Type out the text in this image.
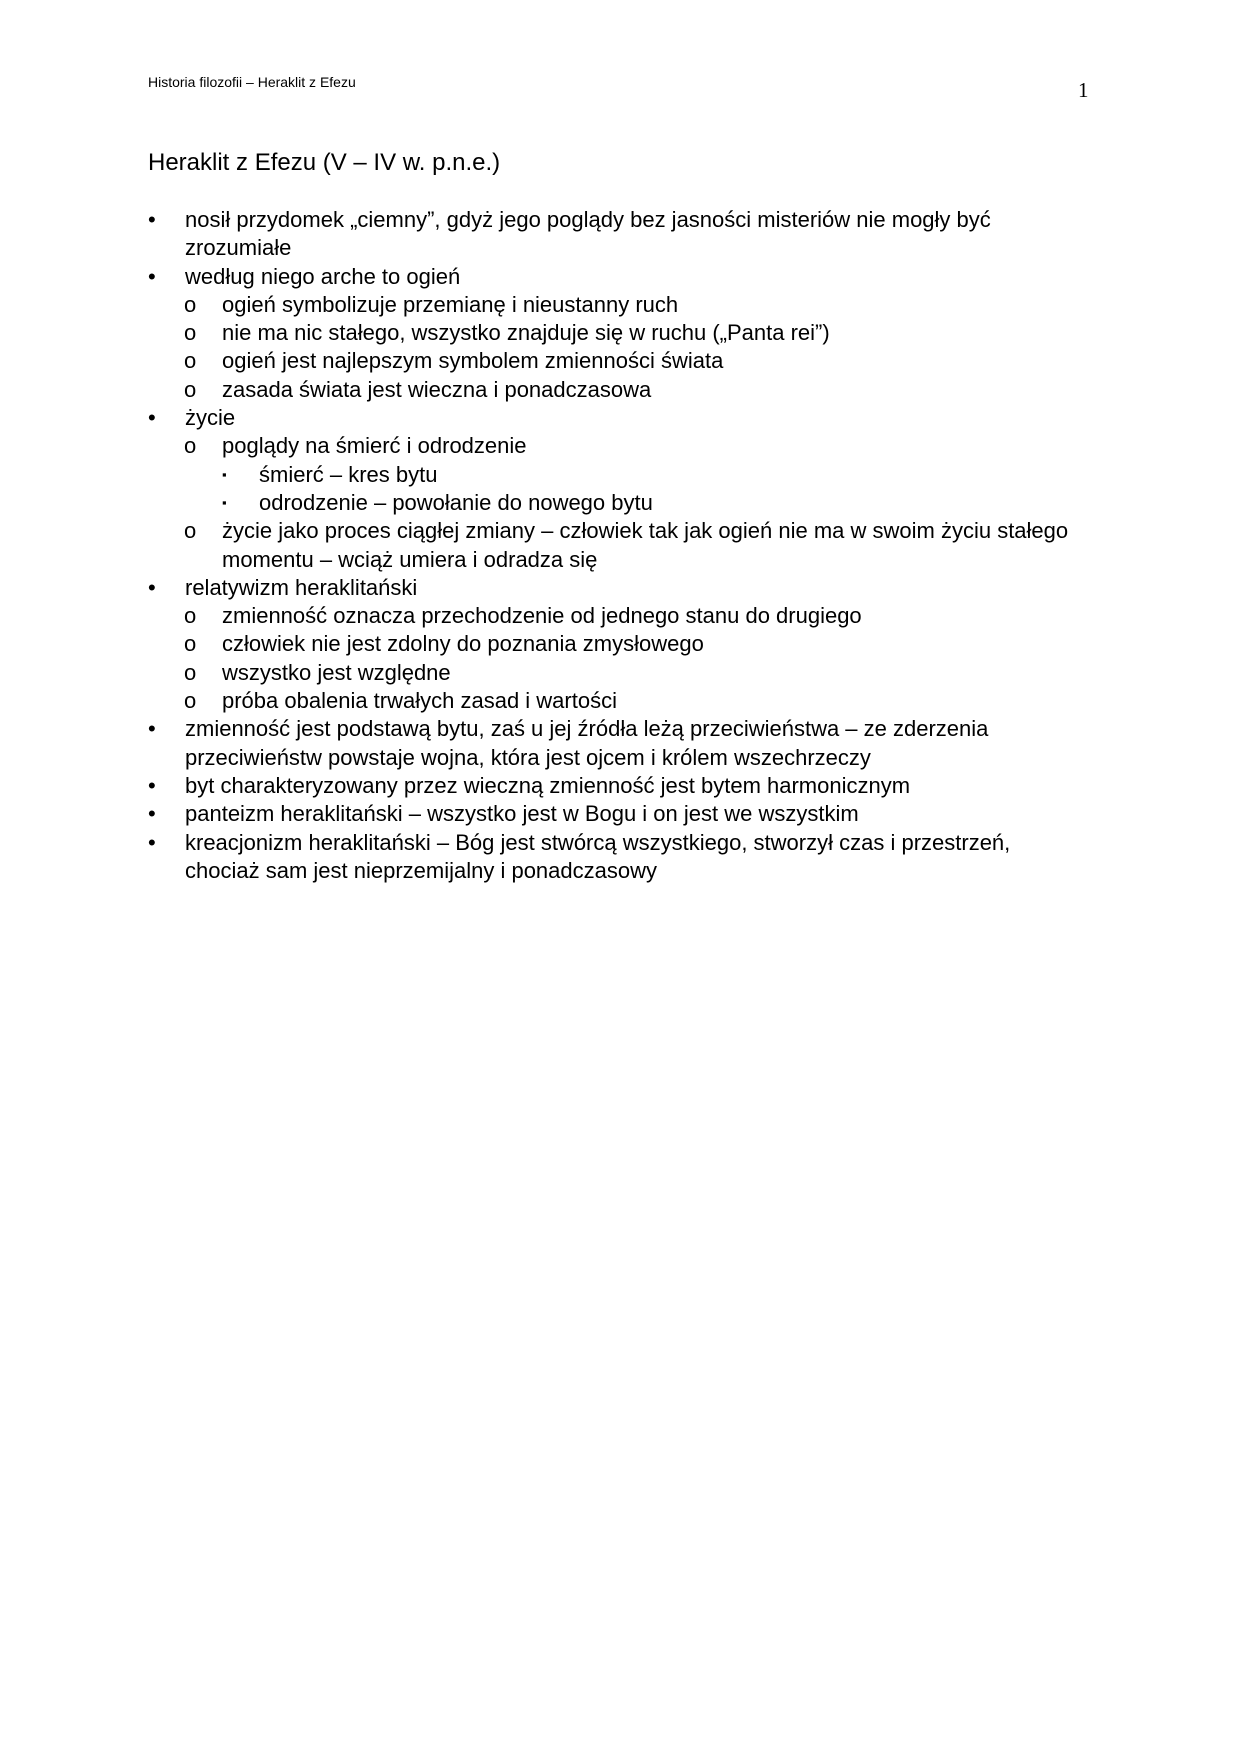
Historia filozofii – Heraklit z Efezu	1
Heraklit z Efezu (V – IV w. p.n.e.)
• nosił przydomek „ciemny”, gdyż jego poglądy bez jasności misteriów nie mogły być zrozumiałe
• według niego arche to ogień
o ogień symbolizuje przemianę i nieustanny ruch
o nie ma nic stałego, wszystko znajduje się w ruchu („Panta rei”)
o ogień jest najlepszym symbolem zmienności świata
o zasada świata jest wieczna i ponadczasowa
• życie
o poglądy na śmierć i odrodzenie
▪ śmierć – kres bytu
▪ odrodzenie – powołanie do nowego bytu
o życie jako proces ciągłej zmiany – człowiek tak jak ogień nie ma w swoim życiu stałego momentu – wciąż umiera i odradza się
• relatywizm heraklitański
o zmienność oznacza przechodzenie od jednego stanu do drugiego
o człowiek nie jest zdolny do poznania zmysłowego
o wszystko jest względne
o próba obalenia trwałych zasad i wartości
• zmienność jest podstawą bytu, zaś u jej źródła leżą przeciwieństwa – ze zderzenia przeciwieństw powstaje wojna, która jest ojcem i królem wszechrzeczy
• byt charakteryzowany przez wieczną zmienność jest bytem harmonicznym
• panteizm heraklitański – wszystko jest w Bogu i on jest we wszystkim
• kreacjonizm heraklitański – Bóg jest stwórcą wszystkiego, stworzył czas i przestrzeń, chociaż sam jest nieprzemijalny i ponadczasowy
